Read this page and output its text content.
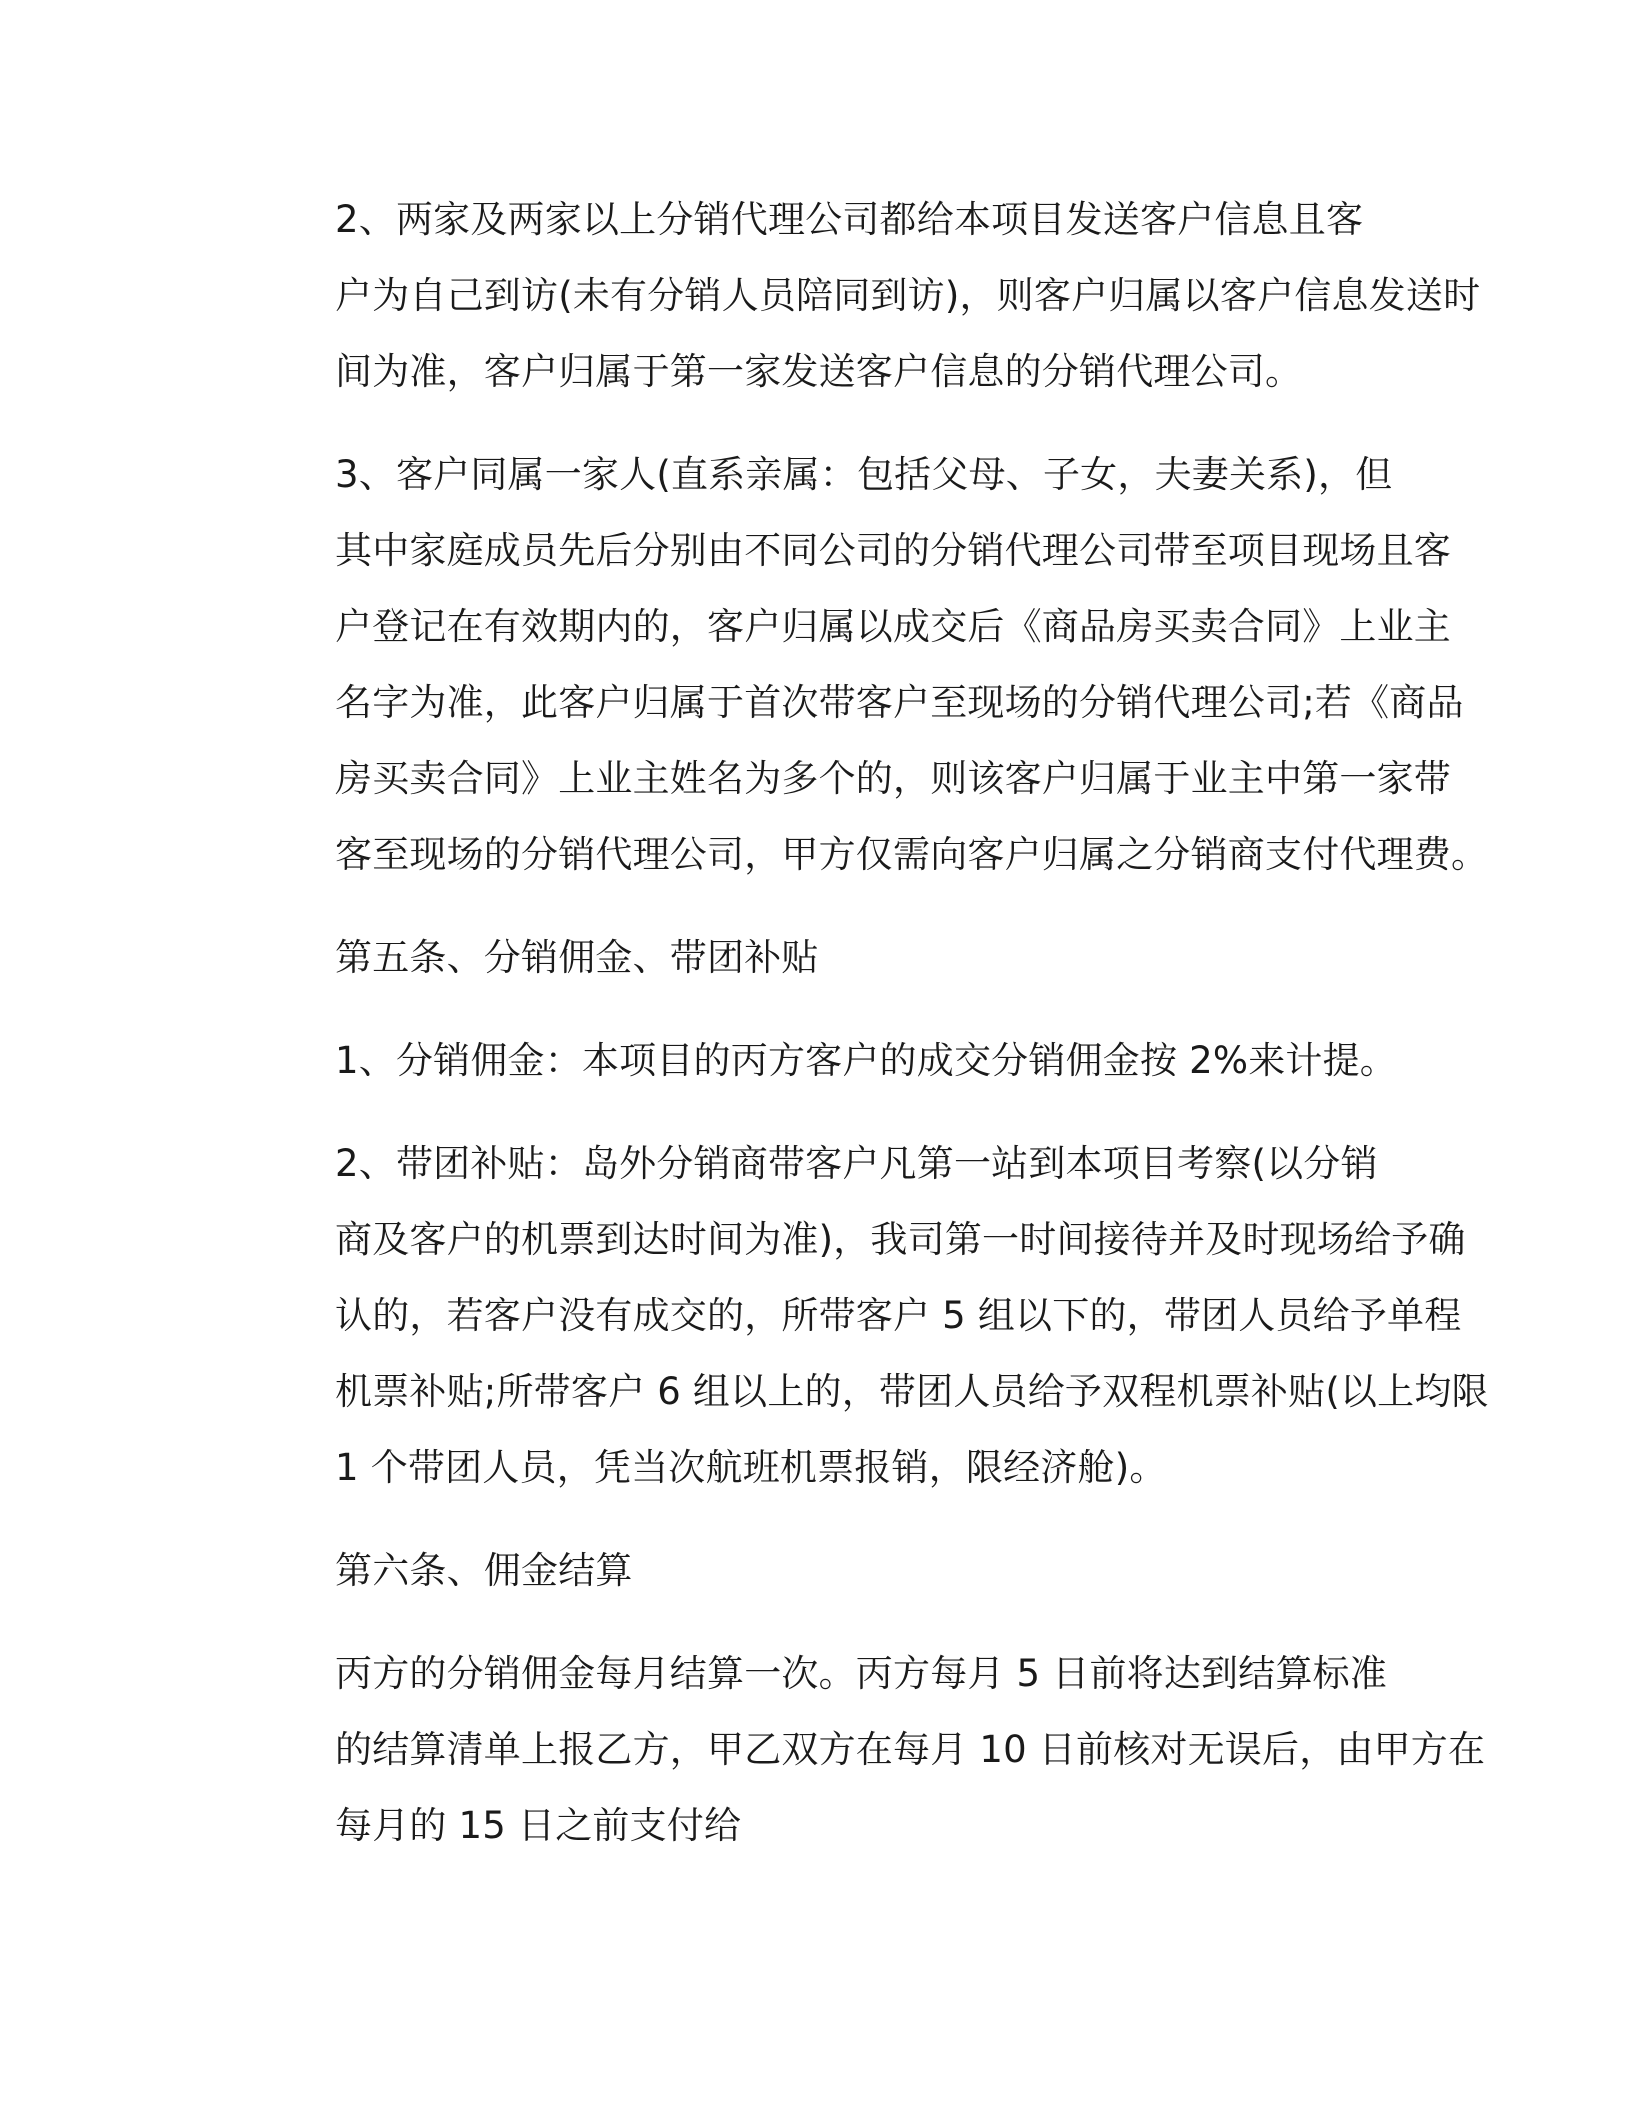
2、两家及两家以上分销代理公司都给本项目发送客户信息且客
户为自己到访(未有分销人员陪同到访)，则客户归属以客户信息发送时
间为准，客户归属于第一家发送客户信息的分销代理公司。
3、客户同属一家人(直系亲属：包括父母、子女，夫妻关系)，但
其中家庭成员先后分别由不同公司的分销代理公司带至项目现场且客
户登记在有效期内的，客户归属以成交后《商品房买卖合同》上业主
名字为准，此客户归属于首次带客户至现场的分销代理公司;若《商品
房买卖合同》上业主姓名为多个的，则该客户归属于业主中第一家带
客至现场的分销代理公司，甲方仅需向客户归属之分销商支付代理费。
第五条、分销佣金、带团补贴
1、分销佣金：本项目的丙方客户的成交分销佣金按 2%来计提。
2、带团补贴：岛外分销商带客户凡第一站到本项目考察(以分销
商及客户的机票到达时间为准)，我司第一时间接待并及时现场给予确
认的，若客户没有成交的，所带客户 5 组以下的，带团人员给予单程
机票补贴;所带客户 6 组以上的，带团人员给予双程机票补贴(以上均限
1 个带团人员，凭当次航班机票报销，限经济舱)。
第六条、佣金结算
丙方的分销佣金每月结算一次。丙方每月 5 日前将达到结算标准
的结算清单上报乙方，甲乙双方在每月 10 日前核对无误后，由甲方在
每月的 15 日之前支付给
